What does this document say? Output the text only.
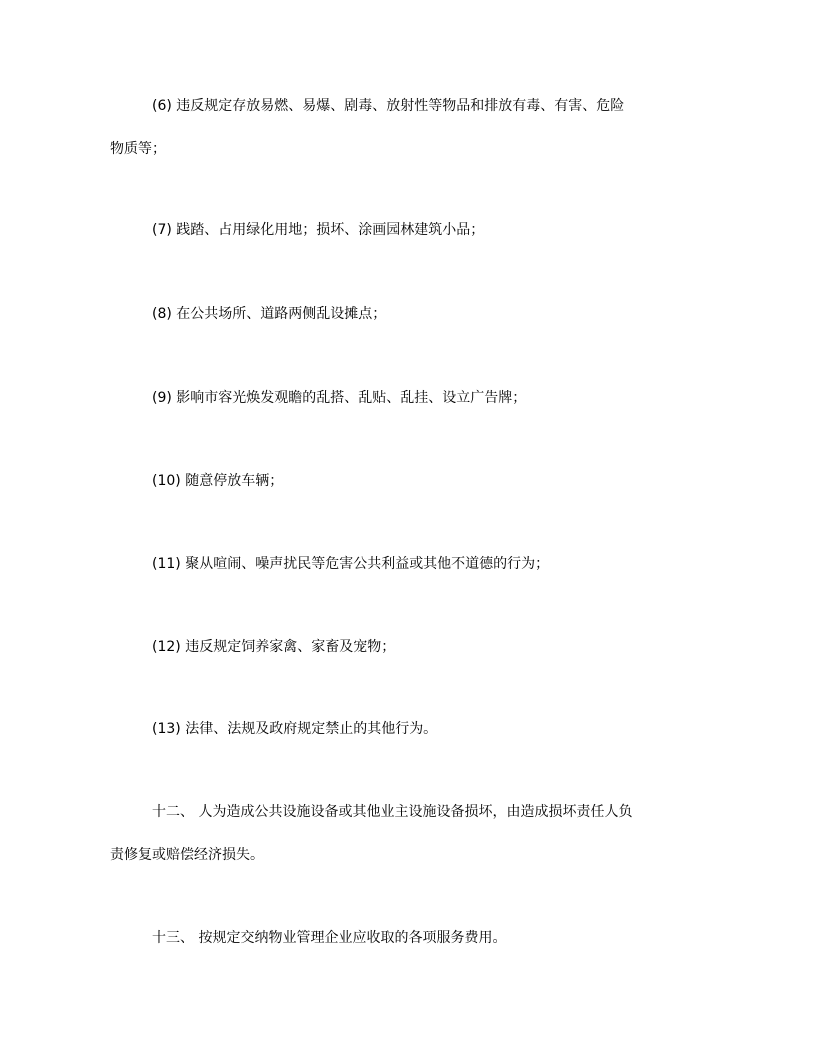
(6) 违反规定存放易燃、易爆、剧毒、放射性等物品和排放有毒、有害、危险
物质等；
(7) 践踏、占用绿化用地；损坏、涂画园林建筑小品；
(8) 在公共场所、道路两侧乱设摊点；
(9) 影响市容光焕发观瞻的乱搭、乱贴、乱挂、设立广告牌；
(10) 随意停放车辆；
(11) 聚从喧闹、噪声扰民等危害公共利益或其他不道德的行为；
(12) 违反规定饲养家禽、家畜及宠物；
(13) 法律、法规及政府规定禁止的其他行为。
十二、 人为造成公共设施设备或其他业主设施设备损坏，由造成损坏责任人负
责修复或赔偿经济损失。
十三、 按规定交纳物业管理企业应收取的各项服务费用。
